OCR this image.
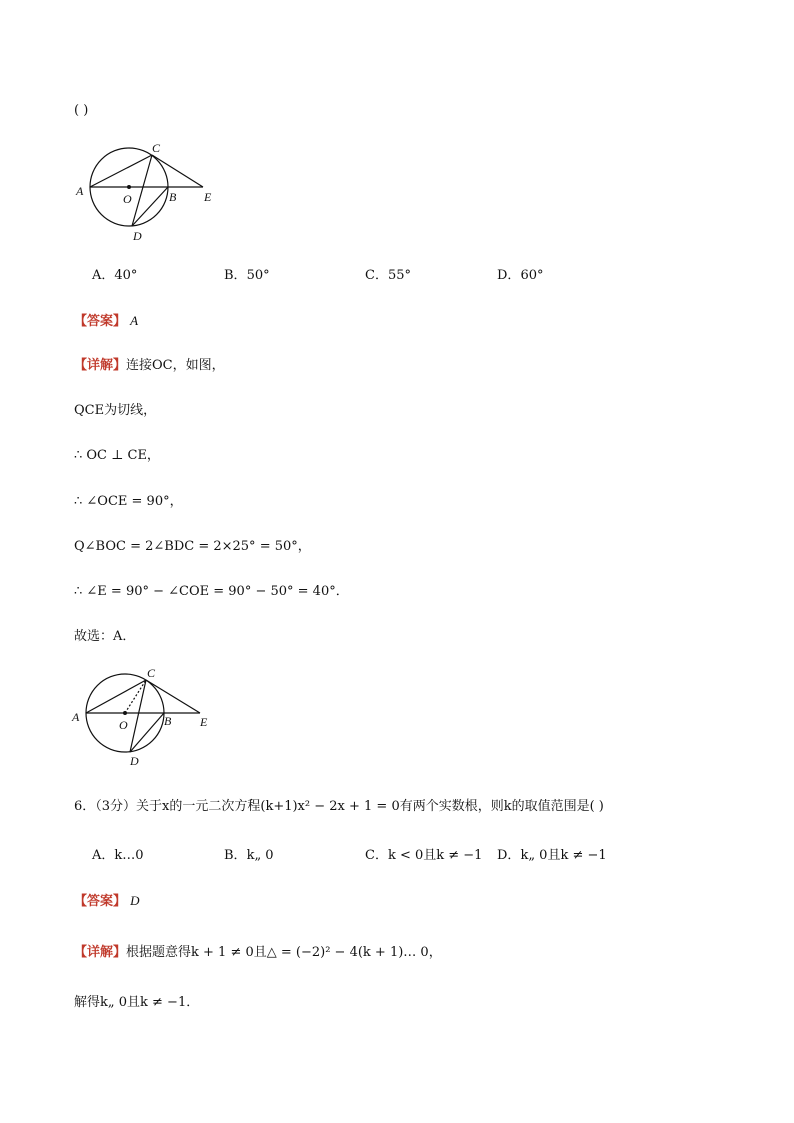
( )
A
C
O	B E
D
A．40°	B．50°	C．55°	D．60°
【答案】 A
【详解】连接OC，如图，
QCE为切线，
∴ OC ⊥ CE，
∴ ∠OCE = 90°，
Q∠BOC = 2∠BDC = 2×25° = 50°，
∴ ∠E = 90° − ∠COE = 90° − 50° = 40°．
故选：A．
A
C
O	B E
D
6．（3分）关于x的一元二次方程(k+1)x² − 2x + 1 = 0有两个实数根，则k的取值范围是( )
A．k…0	B．k„ 0	C．k < 0且k ≠ −1 D．k„ 0且k ≠ −1
【答案】 D
【详解】根据题意得k + 1 ≠ 0且△ = (−2)² − 4(k + 1)… 0，
解得k„ 0且k ≠ −1．
